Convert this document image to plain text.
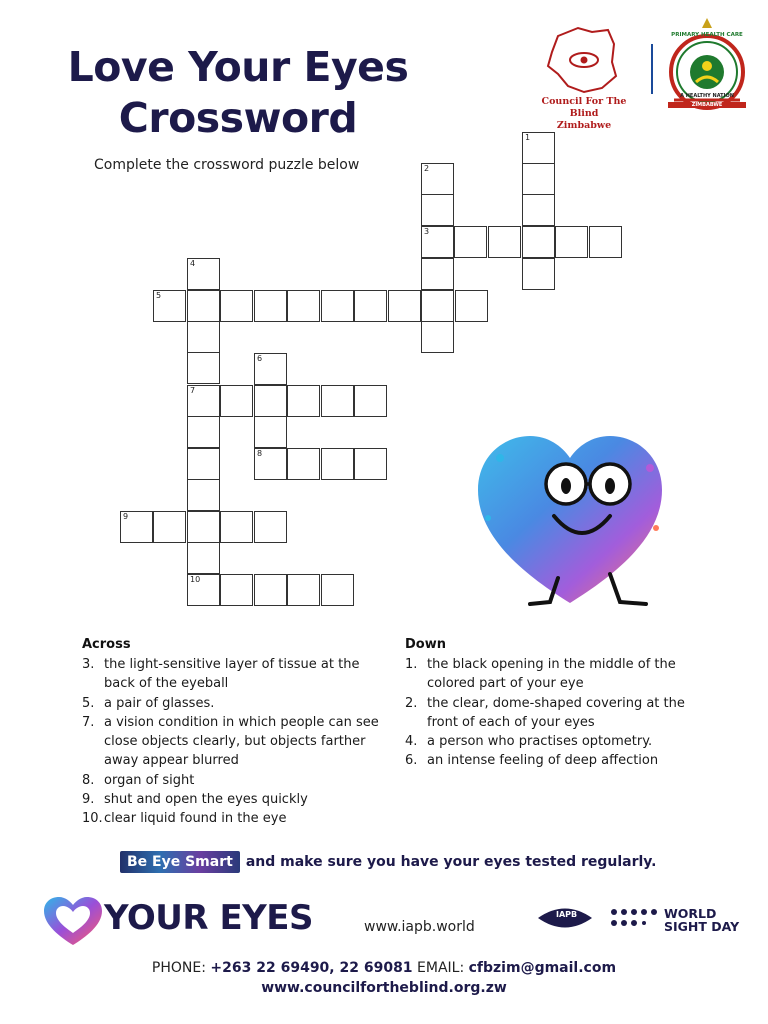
Love Your Eyes
Crossword
Complete the crossword puzzle below
Council For The Blind
Zimbabwe
PRIMARY HEALTH CARE
A HEALTHY NATION
ZIMBABWE
1
2
3
4
5
6
7
8
9
10
Across
3. the light-sensitive layer of tissue at the back of the eyeball
5. a pair of glasses.
7. a vision condition in which people can see close objects clearly, but objects farther away appear blurred
8. organ of sight
9. shut and open the eyes quickly
10.clear liquid found in the eye
Down
1. the black opening in the middle of the colored part of your eye
2. the clear, dome-shaped covering at the front of each of your eyes
4. a person who practises optometry.
6. an intense feeling of deep affection
Be Eye Smart and make sure you have your eyes tested regularly.
YOUR EYES	www.iapb.world
IAPB	WORLD
SIGHT DAY
PHONE: +263 22 69490, 22 69081 EMAIL: cfbzim@gmail.com
www.councilfortheblind.org.zw
